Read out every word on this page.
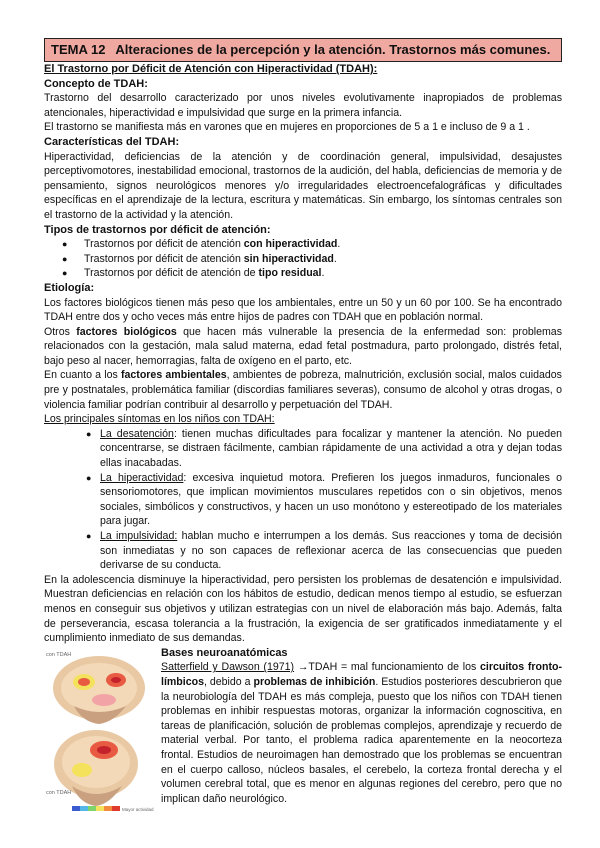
TEMA 12 Alteraciones de la percepción y la atención. Trastornos más comunes.
El Trastorno por Déficit de Atención con Hiperactividad (TDAH):
Concepto de TDAH:

Trastorno del desarrollo caracterizado por unos niveles evolutivamente inapropiados de problemas atencionales, hiperactividad e impulsividad que surge en la primera infancia.

El trastorno se manifiesta más en varones que en mujeres en proporciones de 5 a 1 e incluso de 9 a 1 .

Características del TDAH:

Hiperactividad, deficiencias de la atención y de coordinación general, impulsividad, desajustes perceptivomotores, inestabilidad emocional, trastornos de la audición, del habla, deficiencias de memoria y de pensamiento, signos neurológicos menores y/o irregularidades electroencefalográficas y dificultades específicas en el aprendizaje de la lectura, escritura y matemáticas. Sin embargo, los síntomas centrales son el trastorno de la actividad y la atención.

Tipos de trastornos por déficit de atención:
● Trastornos por déficit de atención con hiperactividad.
● Trastornos por déficit de atención sin hiperactividad.
● Trastornos por déficit de atención de tipo residual.
Etiología:

Los factores biológicos tienen más peso que los ambientales, entre un 50 y un 60 por 100. Se ha encontrado TDAH entre dos y ocho veces más entre hijos de padres con TDAH que en población normal.

Otros factores biológicos que hacen más vulnerable la presencia de la enfermedad son: problemas relacionados con la gestación, mala salud materna, edad fetal postmadura, parto prolongado, distrés fetal, bajo peso al nacer, hemorragias, falta de oxígeno en el parto, etc.

En cuanto a los factores ambientales, ambientes de pobreza, malnutrición, exclusión social, malos cuidados pre y postnatales, problemática familiar (discordias familiares severas), consumo de alcohol y otras drogas, o violencia familiar podrían contribuir al desarrollo y perpetuación del TDAH.

Los principales síntomas en los niños con TDAH:
● La desatención: tienen muchas dificultades para focalizar y mantener la atención. No pueden concentrarse, se distraen fácilmente, cambian rápidamente de una actividad a otra y dejan todas ellas inacabadas.
● La hiperactividad: excesiva inquietud motora. Prefieren los juegos inmaduros, funcionales o sensoriomotores, que implican movimientos musculares repetidos con o sin objetivos, menos sociales, simbólicos y constructivos, y hacen un uso monótono y estereotipado de los materiales para jugar.
● La impulsividad: hablan mucho e interrumpen a los demás. Sus reacciones y toma de decisión son inmediatas y no son capaces de reflexionar acerca de las consecuencias que pueden derivarse de su conducta.

En la adolescencia disminuye la hiperactividad, pero persisten los problemas de desatención e impulsividad. Muestran deficiencias en relación con los hábitos de estudio, dedican menos tiempo al estudio, se esfuerzan menos en conseguir sus objetivos y utilizan estrategias con un nivel de elaboración más bajo. Además, falta de perseverancia, escasa tolerancia a la frustración, la exigencia de ser gratificados inmediatamente y el cumplimiento inmediato de sus demandas.

con TDAH
con TDAH
Mayor actividad
Bases neuroanatómicas

Satterfield y Dawson (1971) →TDAH = mal funcionamiento de los circuitos fronto-límbicos, debido a problemas de inhibición. Estudios posteriores descubrieron que la neurobiología del TDAH es más compleja, puesto que los niños con TDAH tienen problemas en inhibir respuestas motoras, organizar la información cognoscitiva, en tareas de planificación, solución de problemas complejos, aprendizaje y recuerdo de material verbal. Por tanto, el problema radica aparentemente en la neocorteza frontal. Estudios de neuroimagen han demostrado que los problemas se encuentran en el cuerpo calloso, núcleos basales, el cerebelo, la corteza frontal derecha y el volumen cerebral total, que es menor en algunas regiones del cerebro, pero que no implican daño neurológico.
